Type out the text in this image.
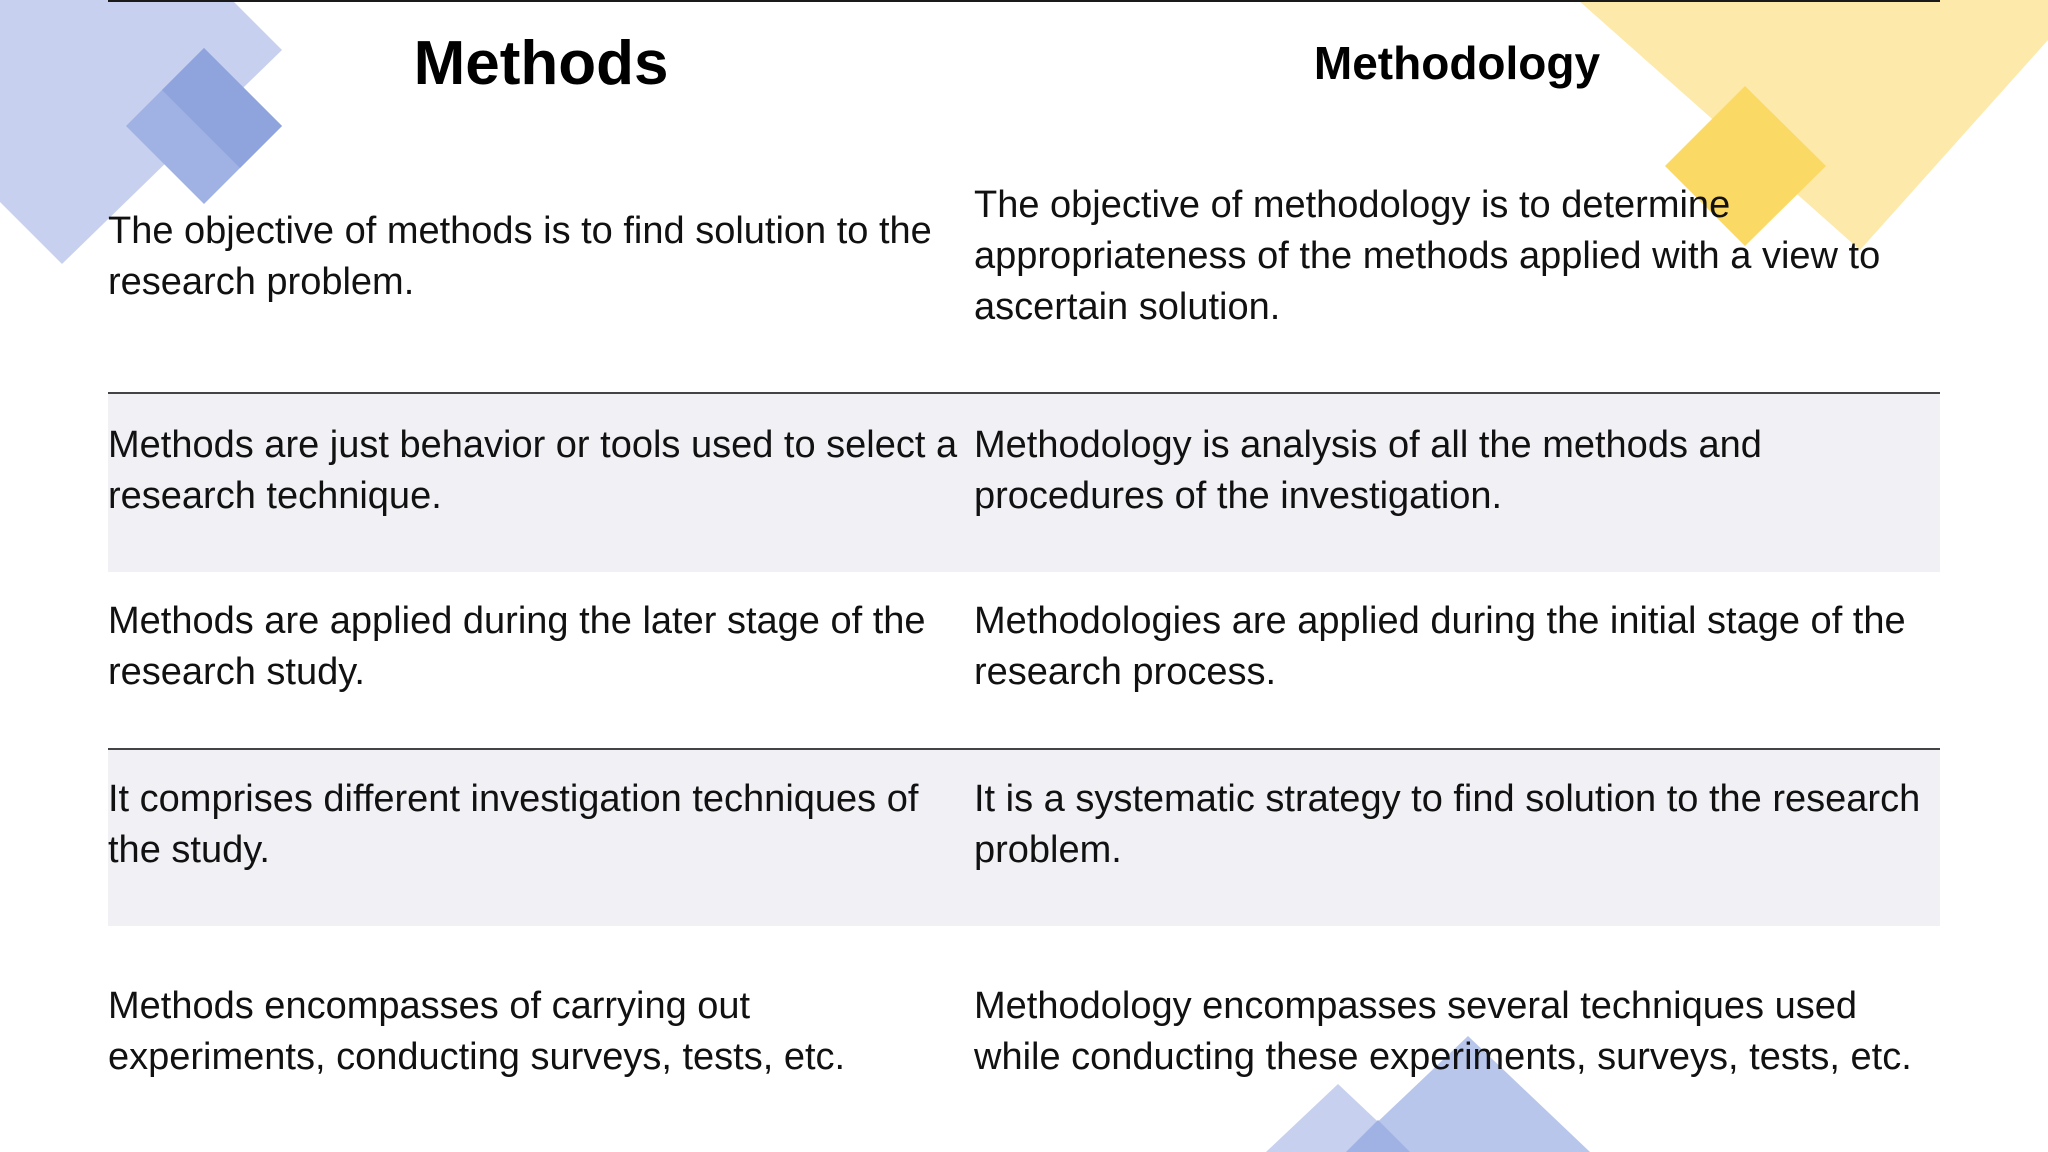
Methods	Methodology
The objective of methods is to find solution to the research problem.
The objective of methodology is to determine appropriateness of the methods applied with a view to ascertain solution.
Methods are just behavior or tools used to select a research technique.
Methodology is analysis of all the methods and procedures of the investigation.
Methods are applied during the later stage of the research study.
Methodologies are applied during the initial stage of the research process.
It comprises different investigation techniques of the study.
It is a systematic strategy to find solution to the research problem.
Methods encompasses of carrying out experiments, conducting surveys, tests, etc.
Methodology encompasses several techniques used while conducting these experiments, surveys, tests, etc.
